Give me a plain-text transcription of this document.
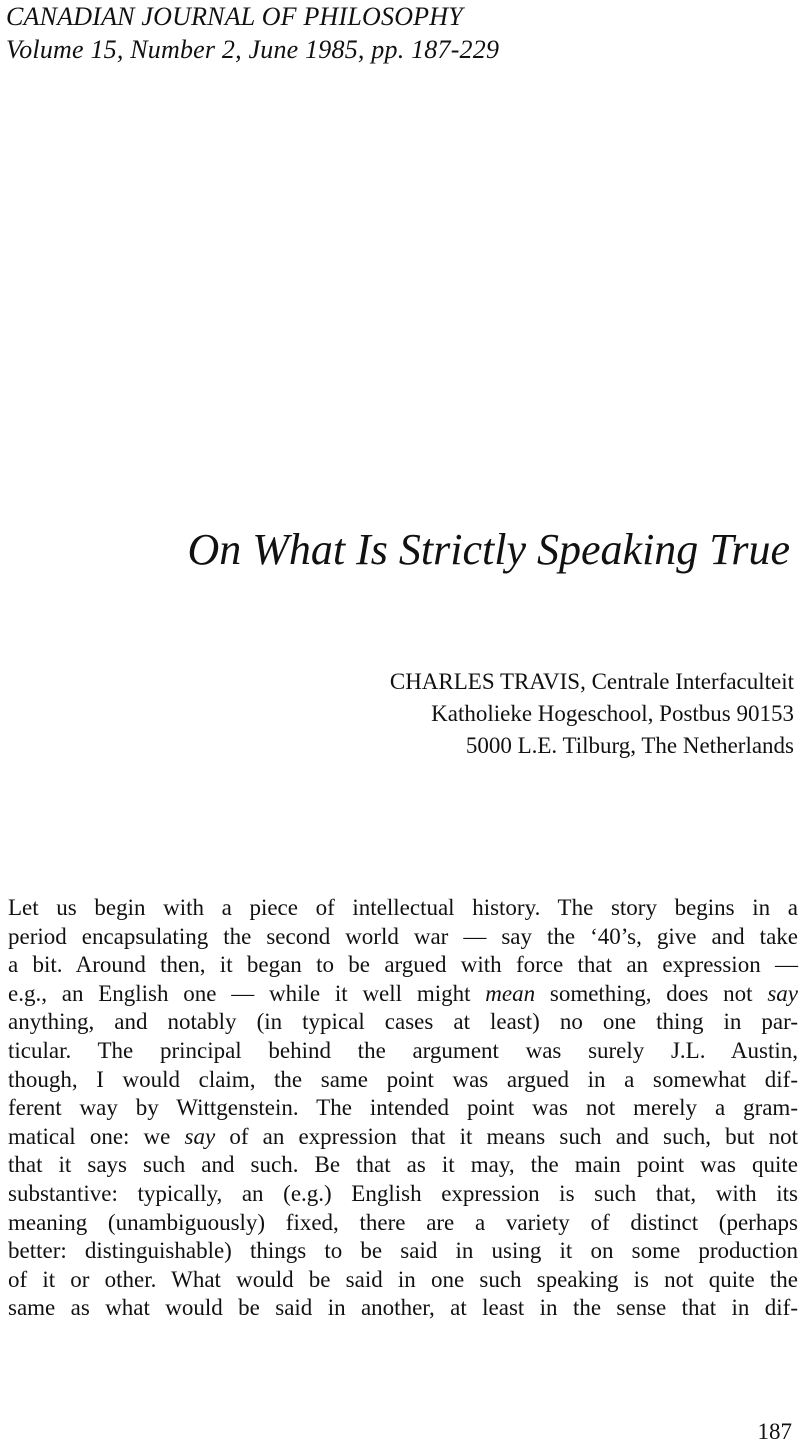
CANADIAN JOURNAL OF PHILOSOPHY
Volume 15, Number 2, June 1985, pp. 187-229
On What Is Strictly Speaking True
CHARLES TRAVIS, Centrale Interfaculteit
Katholieke Hogeschool, Postbus 90153
5000 L.E. Tilburg, The Netherlands
Let us begin with a piece of intellectual history. The story begins in a
period encapsulating the second world war — say the ‘40’s, give and take
a bit. Around then, it began to be argued with force that an expression —
e.g., an English one — while it well might mean something, does not say
anything, and notably (in typical cases at least) no one thing in par-
ticular. The principal behind the argument was surely J.L. Austin,
though, I would claim, the same point was argued in a somewhat dif-
ferent way by Wittgenstein. The intended point was not merely a gram-
matical one: we say of an expression that it means such and such, but not
that it says such and such. Be that as it may, the main point was quite
substantive: typically, an (e.g.) English expression is such that, with its
meaning (unambiguously) fixed, there are a variety of distinct (perhaps
better: distinguishable) things to be said in using it on some production
of it or other. What would be said in one such speaking is not quite the
same as what would be said in another, at least in the sense that in dif-
187
